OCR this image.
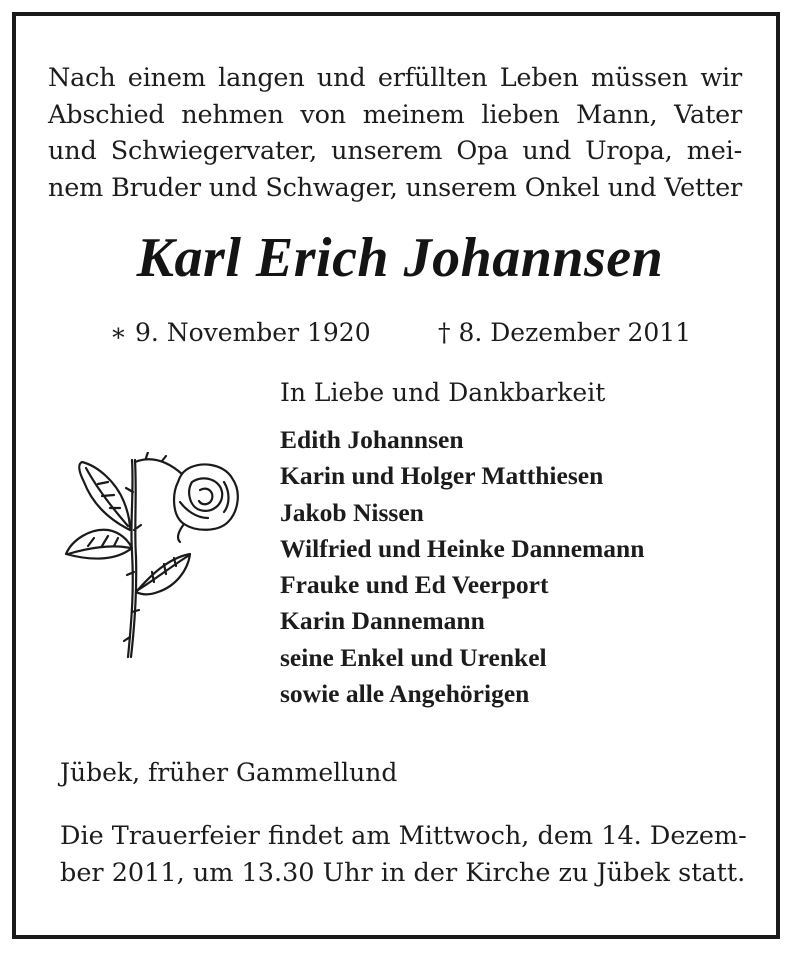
Nach einem langen und erfüllten Leben müssen wir
Abschied nehmen von meinem lieben Mann, Vater
und Schwiegervater, unserem Opa und Uropa, mei-
nem Bruder und Schwager, unserem Onkel und Vetter
Karl Erich Johannsen
∗ 9. November 1920	† 8. Dezember 2011
In Liebe und Dankbarkeit
Edith Johannsen
Karin und Holger Matthiesen
Jakob Nissen
Wilfried und Heinke Dannemann
Frauke und Ed Veerport
Karin Dannemann
seine Enkel und Urenkel
sowie alle Angehörigen
Jübek, früher Gammellund
Die Trauerfeier findet am Mittwoch, dem 14. Dezem-
ber 2011, um 13.30 Uhr in der Kirche zu Jübek statt.
